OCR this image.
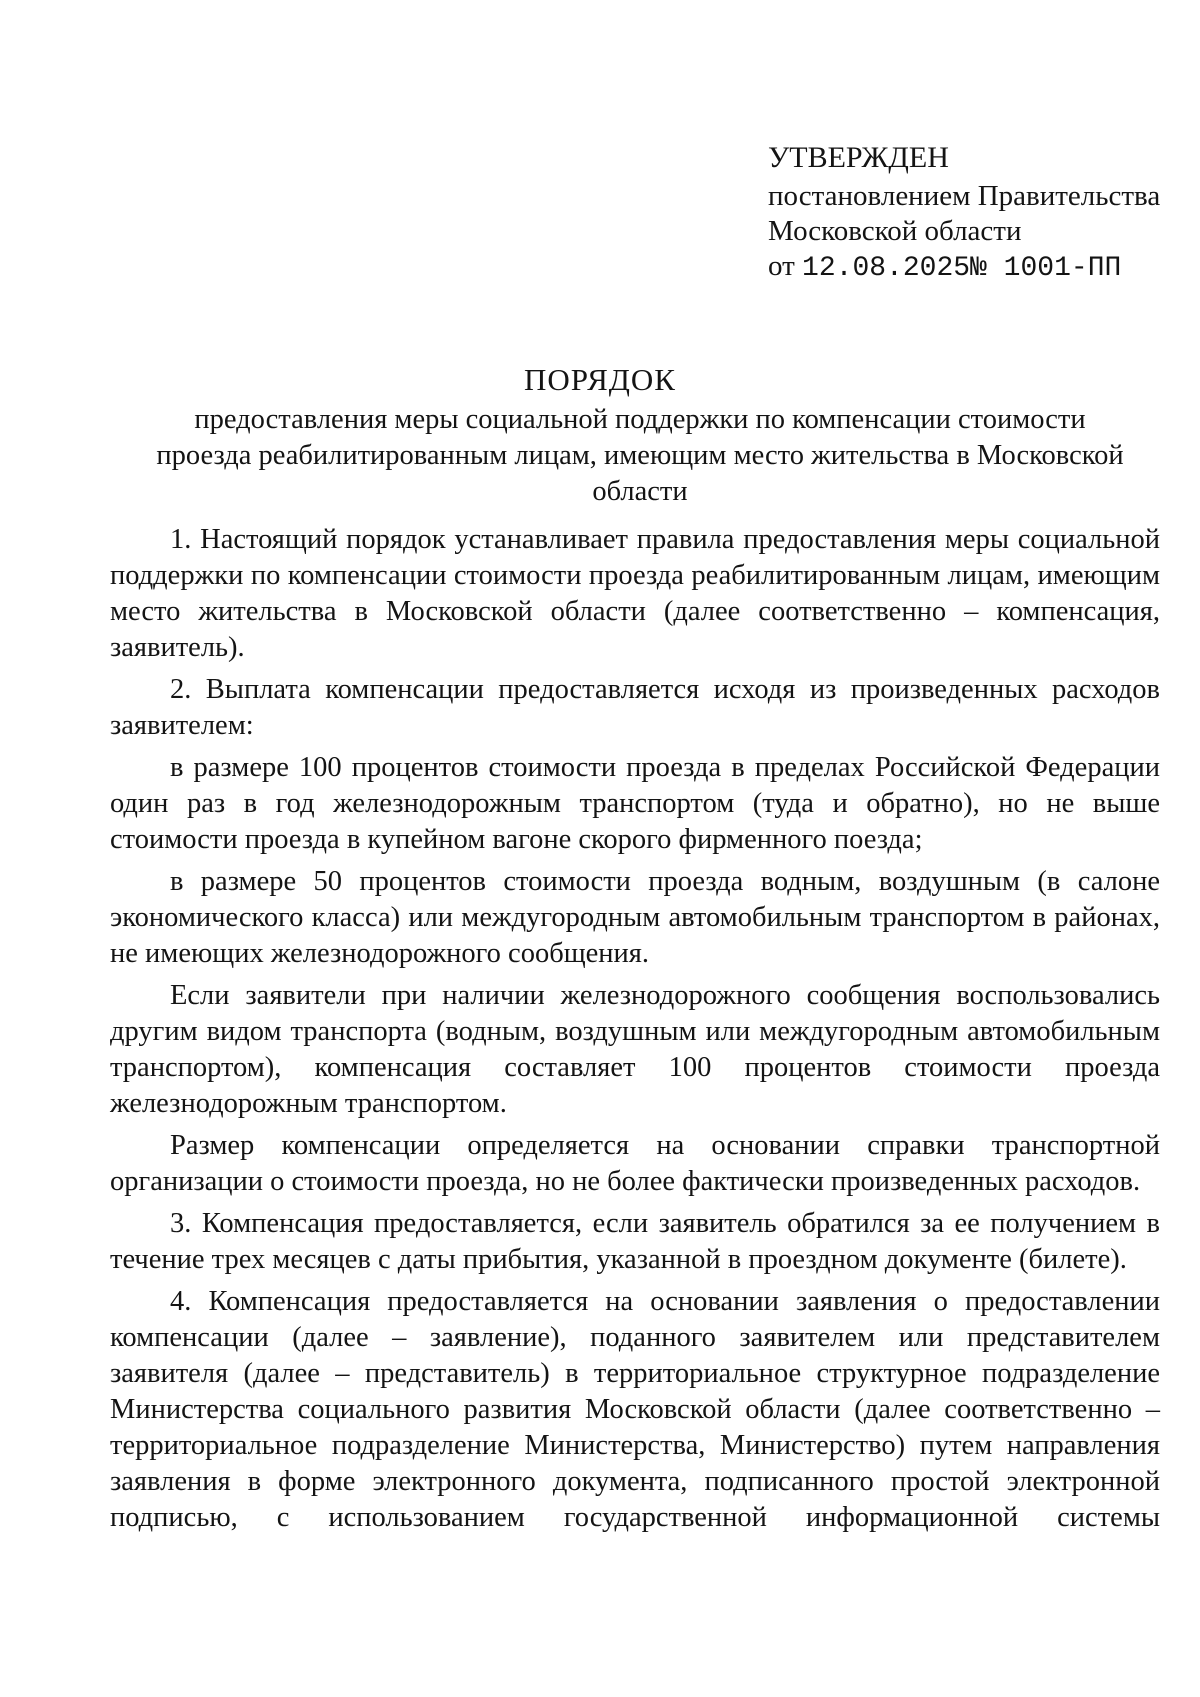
УТВЕРЖДЕН
постановлением Правительства
Московской области
от 12.08.2025№ 1001-ПП
ПОРЯДОК
предоставления меры социальной поддержки по компенсации стоимости проезда реабилитированным лицам, имеющим место жительства в Московской области

1. Настоящий порядок устанавливает правила предоставления меры социальной поддержки по компенсации стоимости проезда реабилитированным лицам, имеющим место жительства в Московской области (далее соответственно – компенсация, заявитель).

2. Выплата компенсации предоставляется исходя из произведенных расходов заявителем:

в размере 100 процентов стоимости проезда в пределах Российской Федерации один раз в год железнодорожным транспортом (туда и обратно), но не выше стоимости проезда в купейном вагоне скорого фирменного поезда;

в размере 50 процентов стоимости проезда водным, воздушным (в салоне экономического класса) или междугородным автомобильным транспортом в районах, не имеющих железнодорожного сообщения.

Если заявители при наличии железнодорожного сообщения воспользовались другим видом транспорта (водным, воздушным или междугородным автомобильным транспортом), компенсация составляет 100 процентов стоимости проезда железнодорожным транспортом.

Размер компенсации определяется на основании справки транспортной организации о стоимости проезда, но не более фактически произведенных расходов.

3. Компенсация предоставляется, если заявитель обратился за ее получением в течение трех месяцев с даты прибытия, указанной в проездном документе (билете).

4. Компенсация предоставляется на основании заявления о предоставлении компенсации (далее – заявление), поданного заявителем или представителем заявителя (далее – представитель) в территориальное структурное подразделение Министерства социального развития Московской области (далее соответственно – территориальное подразделение Министерства, Министерство) путем направления заявления в форме электронного документа, подписанного простой электронной подписью, с использованием государственной информационной системы
